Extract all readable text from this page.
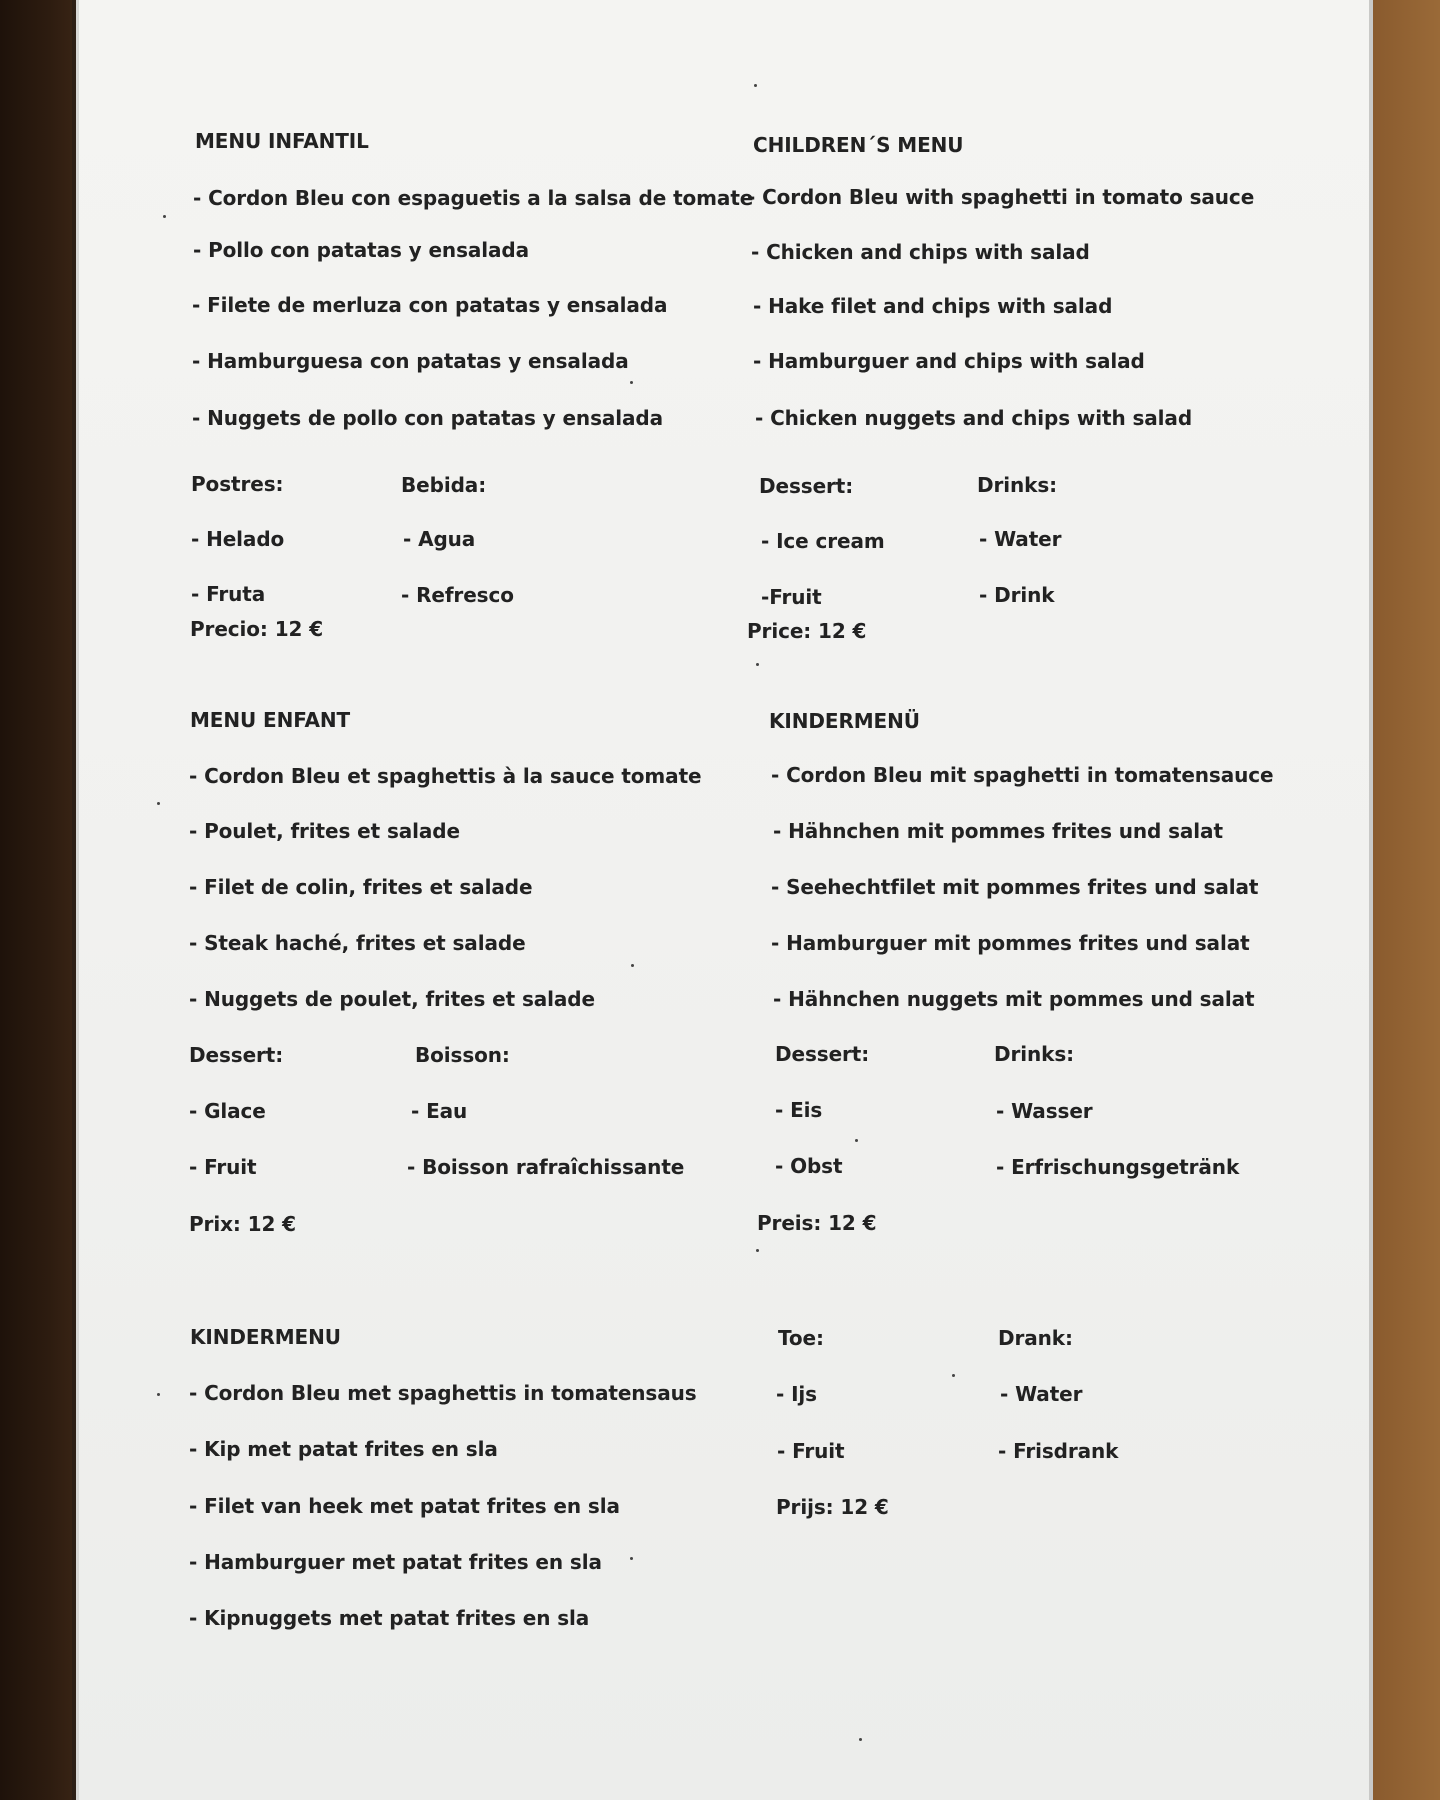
MENU INFANTIL

- Cordon Bleu con espaguetis a la salsa de tomate

- Pollo con patatas y ensalada

- Filete de merluza con patatas y ensalada

- Hamburguesa con patatas y ensalada

- Nuggets de pollo con patatas y ensalada

Postres:

- Helado

- Fruta

Bebida:

- Agua

- Refresco

Precio: 12 €

CHILDREN´S MENU

- Cordon Bleu with spaghetti in tomato sauce

- Chicken and chips with salad

- Hake filet and chips with salad

- Hamburguer and chips with salad

- Chicken nuggets and chips with salad

Dessert:

- Ice cream

-Fruit

Drinks:

- Water

- Drink

Price: 12 €

MENU ENFANT

- Cordon Bleu et spaghettis à la sauce tomate

- Poulet, frites et salade

- Filet de colin, frites et salade

- Steak haché, frites et salade

- Nuggets de poulet, frites et salade

Dessert:

- Glace

- Fruit

Boisson:

- Eau

- Boisson rafraîchissante

Prix: 12 €

KINDERMENÜ

- Cordon Bleu mit spaghetti in tomatensauce

- Hähnchen mit pommes frites und salat

- Seehechtfilet mit pommes frites und salat

- Hamburguer mit pommes frites und salat

- Hähnchen nuggets mit pommes und salat

Dessert:

- Eis

- Obst

Drinks:

- Wasser

- Erfrischungsgetränk

Preis: 12 €

KINDERMENU

- Cordon Bleu met spaghettis in tomatensaus

- Kip met patat frites en sla

- Filet van heek met patat frites en sla

- Hamburguer met patat frites en sla

- Kipnuggets met patat frites en sla

Toe:

- Ijs

- Fruit

Drank:

- Water

- Frisdrank

Prijs: 12 €
